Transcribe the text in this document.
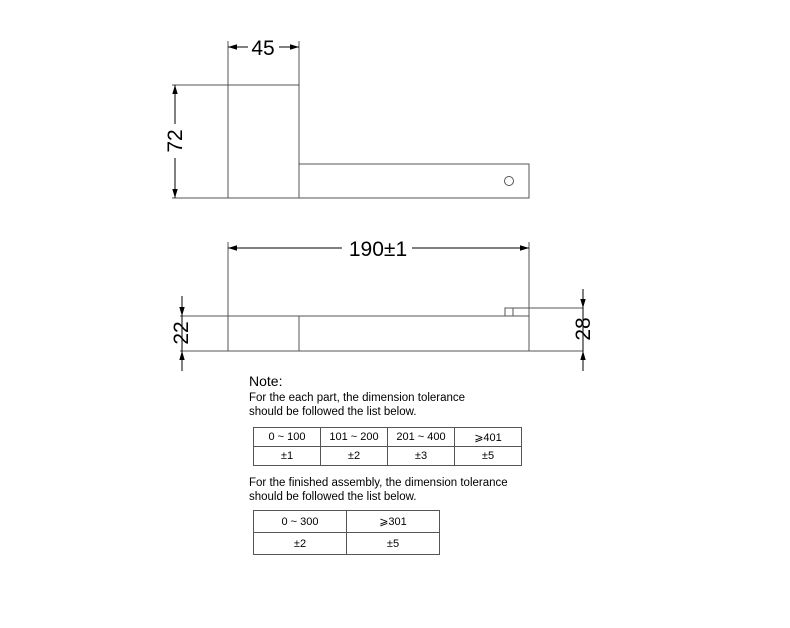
45
72
190±1
22	28
Note:
For the each part, the dimension tolerance
should be followed the list below.
0 ~ 100	101 ~ 200	201 ~ 400	⩾401
±1	±2	±3	±5
For the finished assembly, the dimension tolerance
should be followed the list below.
0 ~ 300	⩾301
±2	±5
